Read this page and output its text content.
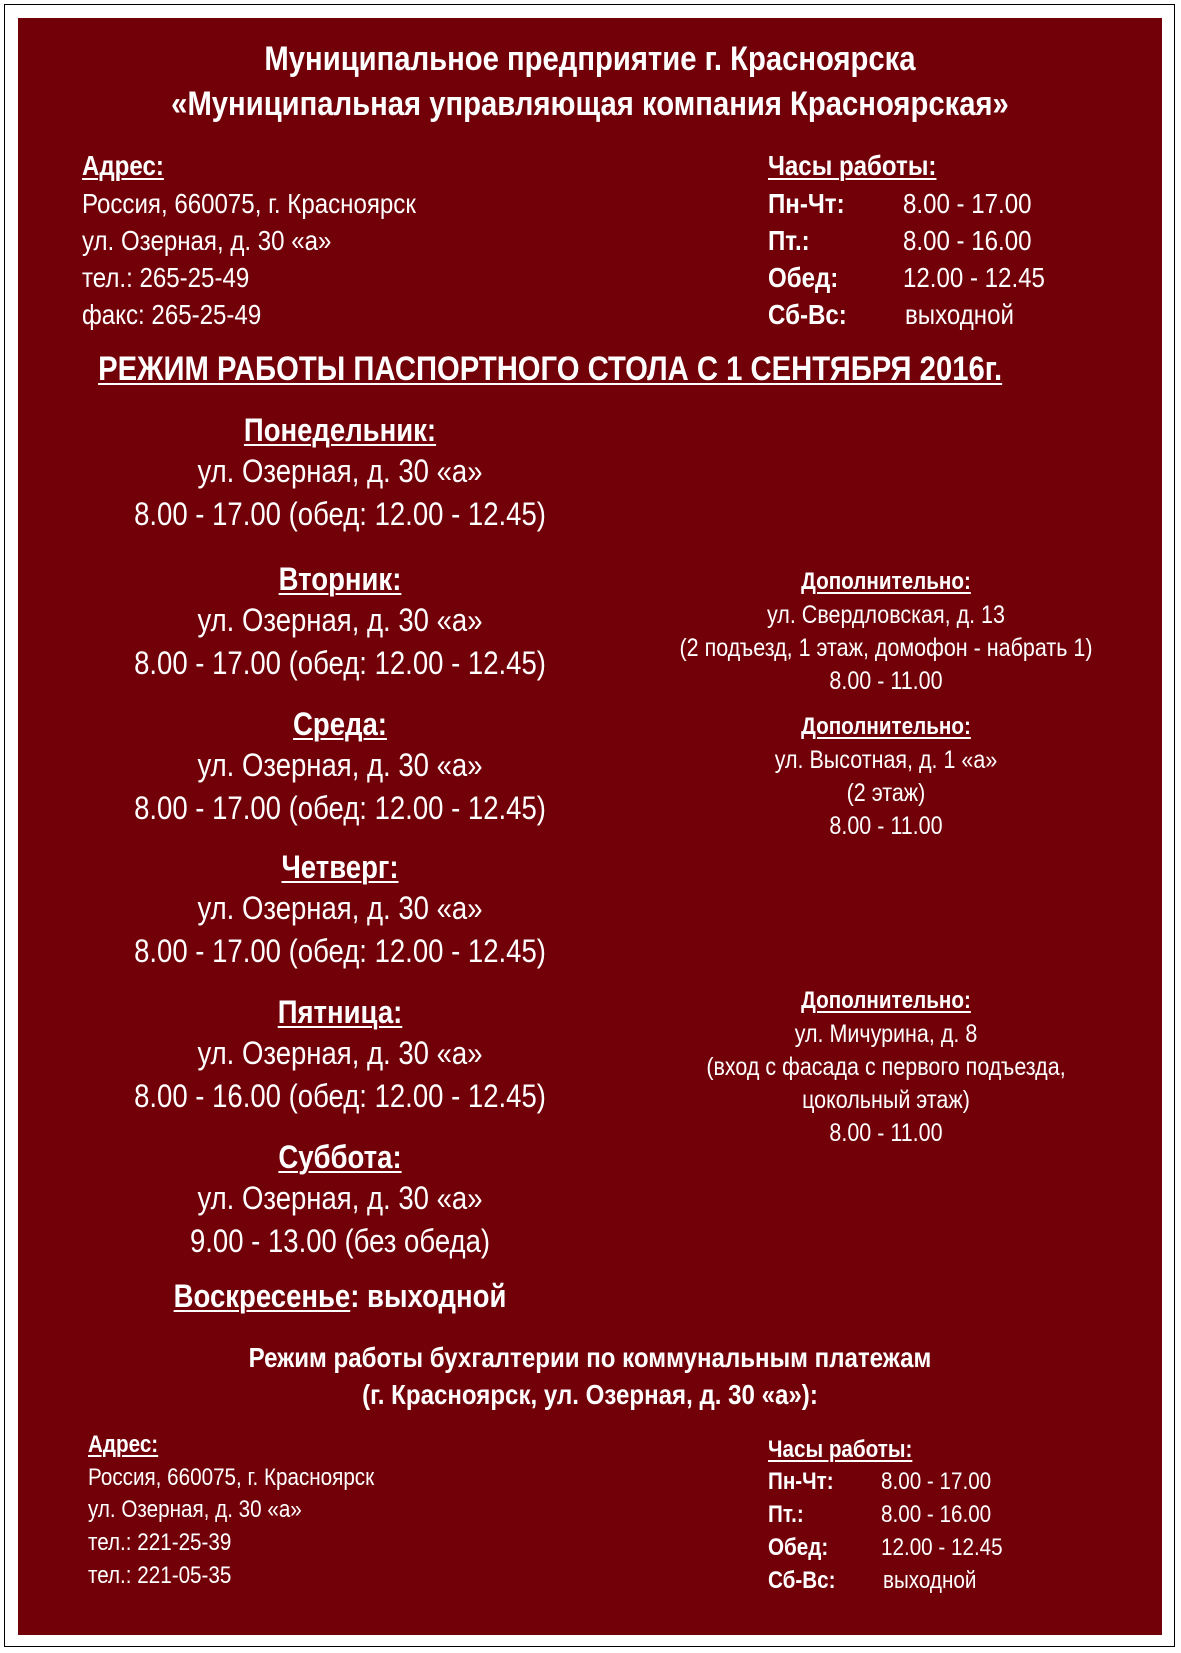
Муниципальное предприятие г. Красноярска
«Муниципальная управляющая компания Красноярская»
Адрес:
Россия, 660075, г. Красноярск
ул. Озерная, д. 30 «а»
тел.: 265-25-49
факс: 265-25-49
Часы работы:
Пн-Чт: 8.00 - 17.00
Пт.:	8.00 - 16.00
Обед: 12.00 - 12.45
Сб-Вс: выходной
РЕЖИМ РАБОТЫ ПАСПОРТНОГО СТОЛА С 1 СЕНТЯБРЯ 2016г.
Понедельник:
ул. Озерная, д. 30 «а»
8.00 - 17.00 (обед: 12.00 - 12.45)
Вторник:
ул. Озерная, д. 30 «а»
8.00 - 17.00 (обед: 12.00 - 12.45)
Среда:
ул. Озерная, д. 30 «а»
8.00 - 17.00 (обед: 12.00 - 12.45)
Четверг:
ул. Озерная, д. 30 «а»
8.00 - 17.00 (обед: 12.00 - 12.45)
Пятница:
ул. Озерная, д. 30 «а»
8.00 - 16.00 (обед: 12.00 - 12.45)
Суббота:
ул. Озерная, д. 30 «а»
9.00 - 13.00 (без обеда)
Воскресенье: выходной
Дополнительно:
ул. Свердловская, д. 13
(2 подъезд, 1 этаж, домофон - набрать 1)
8.00 - 11.00
Дополнительно:
ул. Высотная, д. 1 «а»
(2 этаж)
8.00 - 11.00
Дополнительно:
ул. Мичурина, д. 8
(вход с фасада с первого подъезда,
цокольный этаж)
8.00 - 11.00
Режим работы бухгалтерии по коммунальным платежам
(г. Красноярск, ул. Озерная, д. 30 «а»):
Адрес:
Россия, 660075, г. Красноярск
ул. Озерная, д. 30 «а»
тел.: 221-25-39
тел.: 221-05-35
Часы работы:
Пн-Чт: 8.00 - 17.00
Пт.:	8.00 - 16.00
Обед: 12.00 - 12.45
Сб-Вс: выходной
